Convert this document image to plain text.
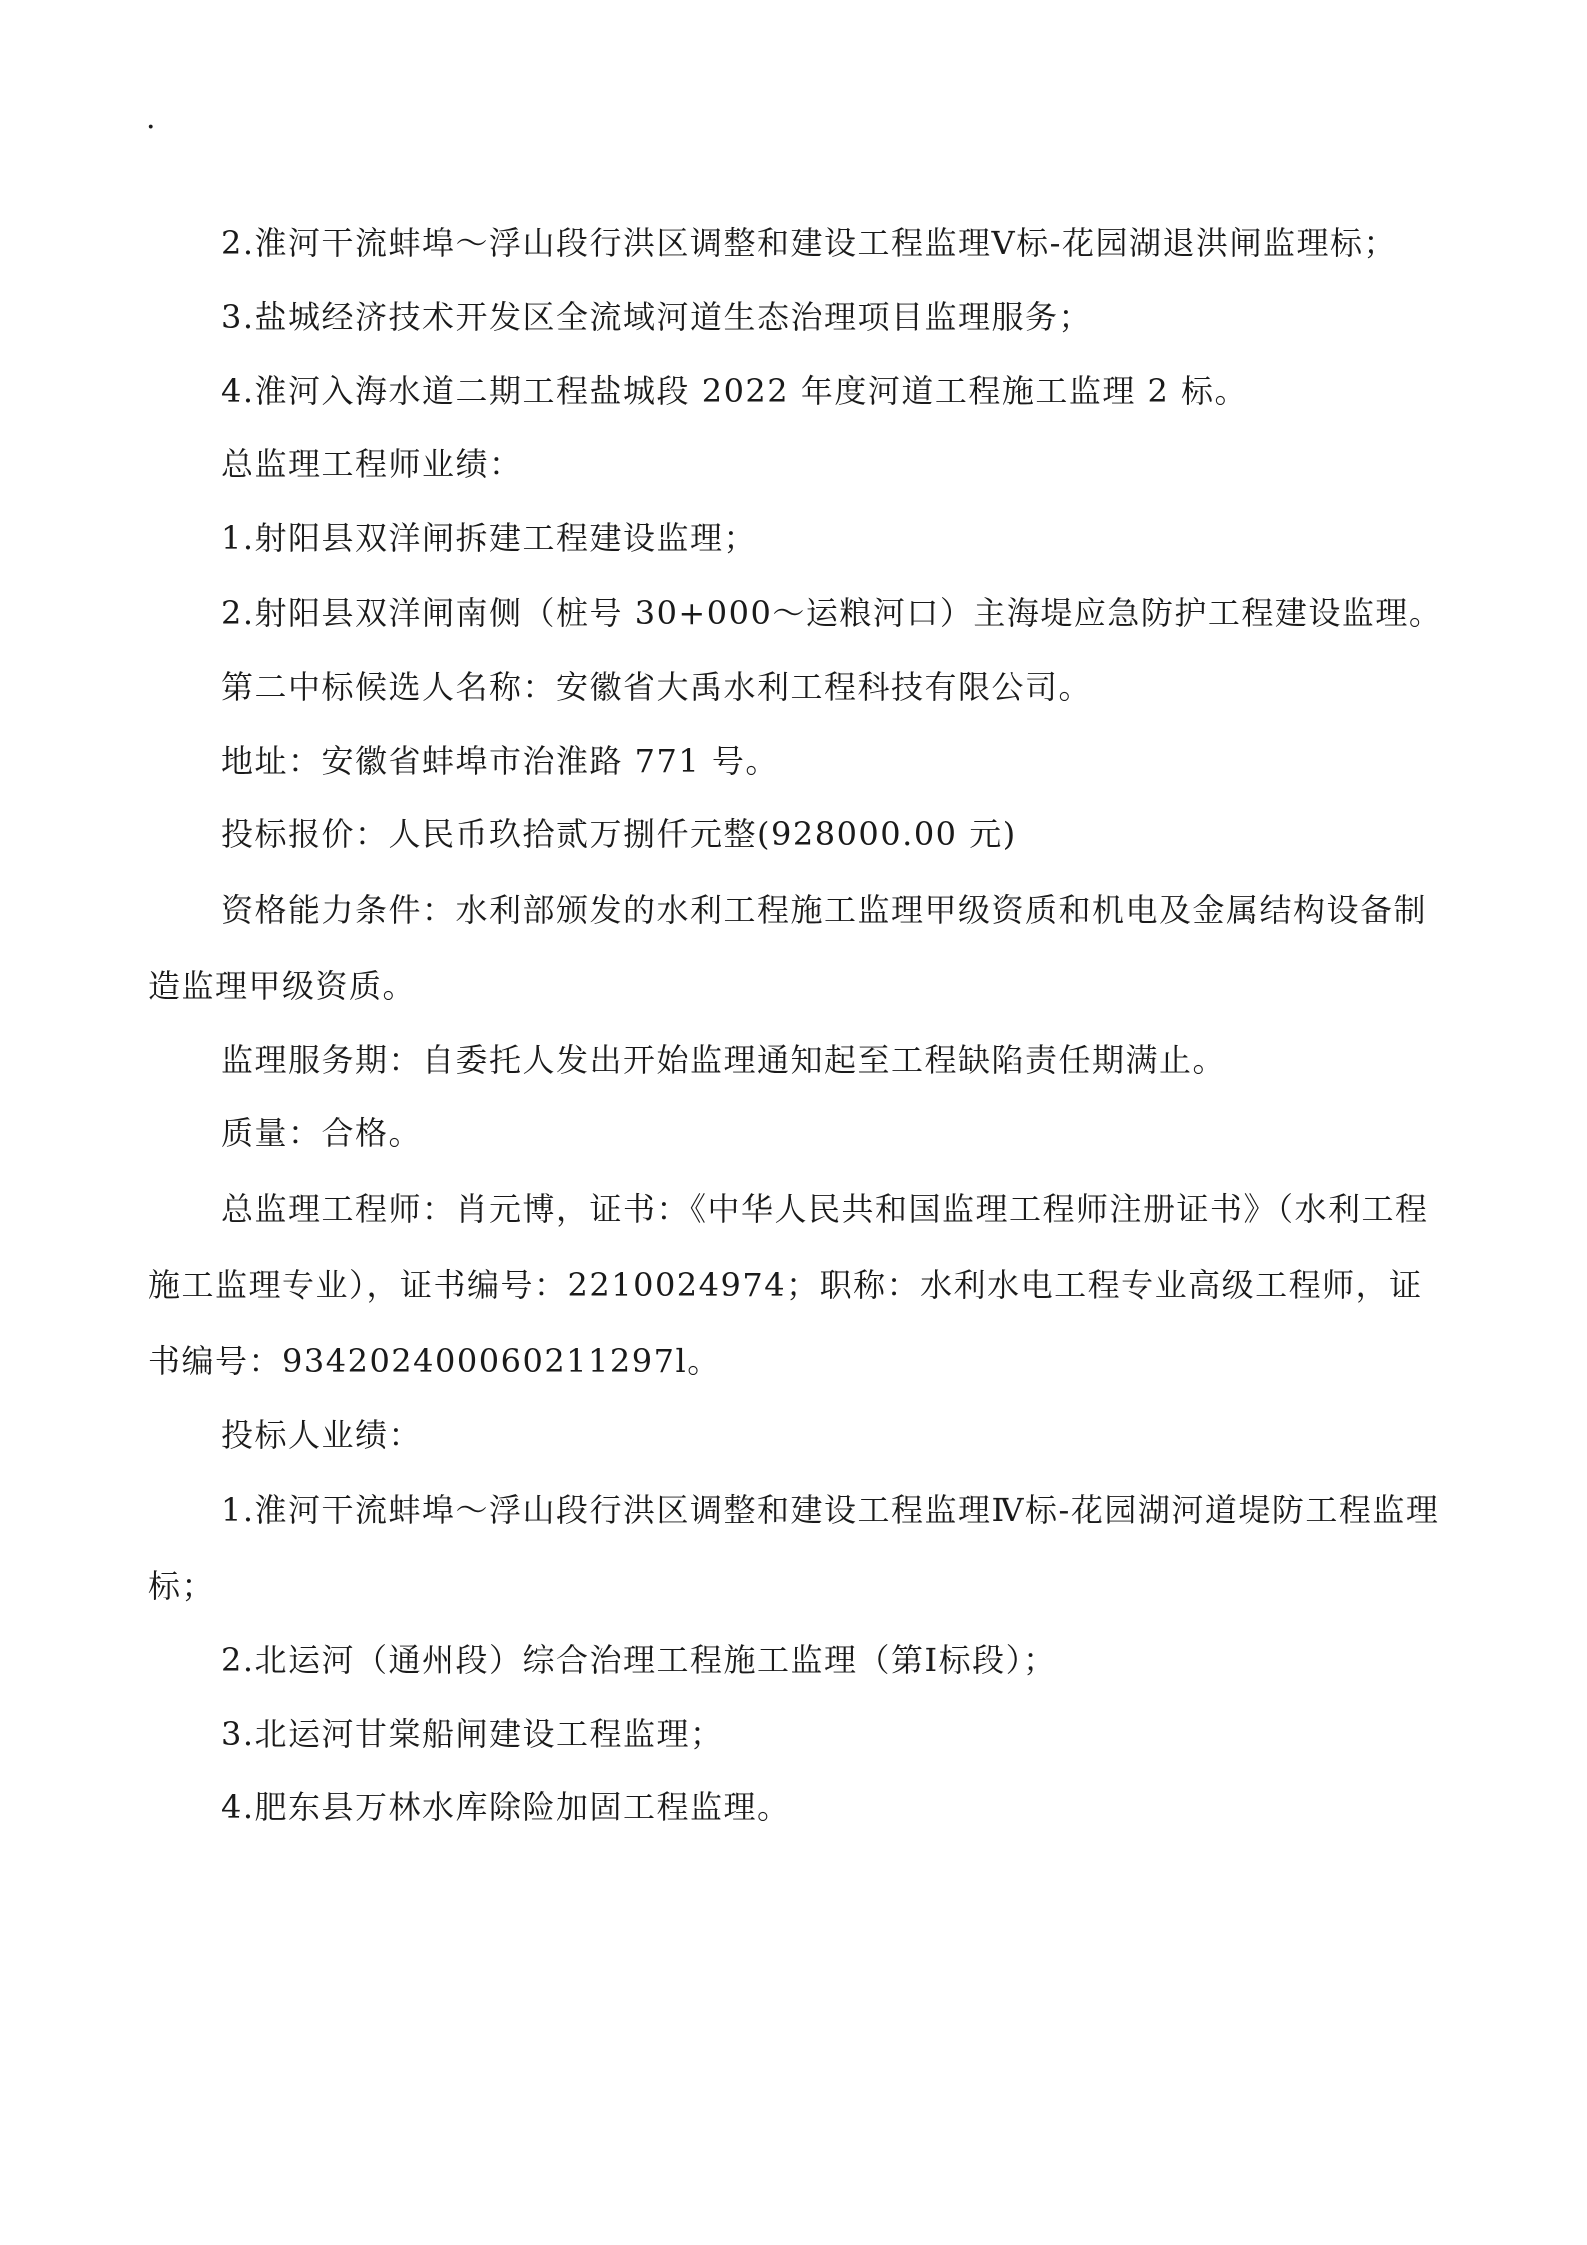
·

2.淮河干流蚌埠～浮山段行洪区调整和建设工程监理Ⅴ标-花园湖退洪闸监理标；

3.盐城经济技术开发区全流域河道生态治理项目监理服务；

4.淮河入海水道二期工程盐城段 2022 年度河道工程施工监理 2 标。

总监理工程师业绩：

1.射阳县双洋闸拆建工程建设监理；

2.射阳县双洋闸南侧（桩号 30+000～运粮河口）主海堤应急防护工程建设监理。

第二中标候选人名称：安徽省大禹水利工程科技有限公司。

地址：安徽省蚌埠市治淮路 771 号。

投标报价：人民币玖拾贰万捌仟元整(928000.00 元)

资格能力条件：水利部颁发的水利工程施工监理甲级资质和机电及金属结构设备制造监理甲级资质。

监理服务期：自委托人发出开始监理通知起至工程缺陷责任期满止。

质量：合格。

总监理工程师：肖元博，证书：《中华人民共和国监理工程师注册证书》（水利工程施工监理专业），证书编号：2210024974；职称：水利水电工程专业高级工程师，证书编号：934202400060211297l。

投标人业绩：

1.淮河干流蚌埠～浮山段行洪区调整和建设工程监理Ⅳ标-花园湖河道堤防工程监理标；

2.北运河（通州段）综合治理工程施工监理（第Ⅰ标段）；

3.北运河甘棠船闸建设工程监理；

4.肥东县万林水库除险加固工程监理。
